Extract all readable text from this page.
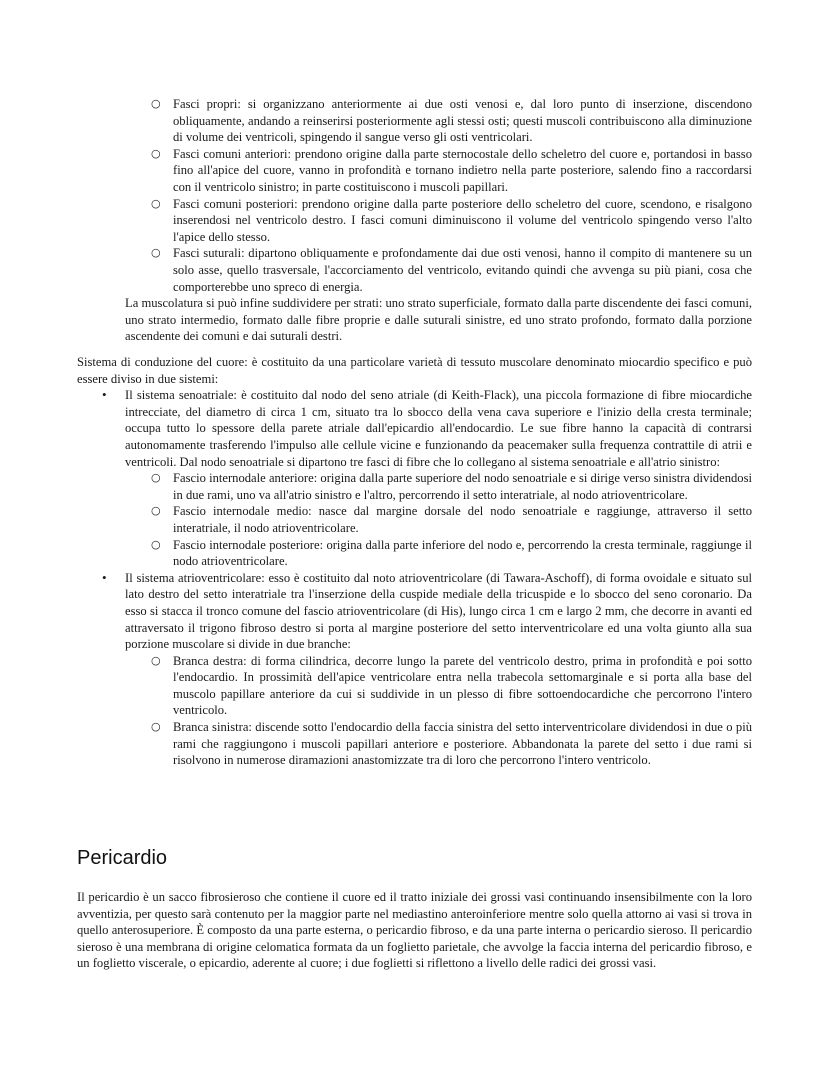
○ Fasci propri: si organizzano anteriormente ai due osti venosi e, dal loro punto di inserzione, discendono obliquamente, andando a reinserirsi posteriormente agli stessi osti; questi muscoli contribuiscono alla diminuzione di volume dei ventricoli, spingendo il sangue verso gli osti ventricolari.
○ Fasci comuni anteriori: prendono origine dalla parte sternocostale dello scheletro del cuore e, portandosi in basso fino all'apice del cuore, vanno in profondità e tornano indietro nella parte posteriore, salendo fino a raccordarsi con il ventricolo sinistro; in parte costituiscono i muscoli papillari.
○ Fasci comuni posteriori: prendono origine dalla parte posteriore dello scheletro del cuore, scendono, e risalgono inserendosi nel ventricolo destro. I fasci comuni diminuiscono il volume del ventricolo spingendo verso l'alto l'apice dello stesso.
○ Fasci suturali: dipartono obliquamente e profondamente dai due osti venosi, hanno il compito di mantenere su un solo asse, quello trasversale, l'accorciamento del ventricolo, evitando quindi che avvenga su più piani, cosa che comporterebbe uno spreco di energia.

La muscolatura si può infine suddividere per strati: uno strato superficiale, formato dalla parte discendente dei fasci comuni, uno strato intermedio, formato dalle fibre proprie e dalle suturali sinistre, ed uno strato profondo, formato dalla porzione ascendente dei comuni e dai suturali destri.

Sistema di conduzione del cuore: è costituito da una particolare varietà di tessuto muscolare denominato miocardio specifico e può essere diviso in due sistemi:

• Il sistema senoatriale: è costituito dal nodo del seno atriale (di Keith-Flack), una piccola formazione di fibre miocardiche intrecciate, del diametro di circa 1 cm, situato tra lo sbocco della vena cava superiore e l'inizio della cresta terminale; occupa tutto lo spessore della parete atriale dall'epicardio all'endocardio. Le sue fibre hanno la capacità di contrarsi autonomamente trasferendo l'impulso alle cellule vicine e funzionando da peacemaker sulla frequenza contrattile di atrii e ventricoli. Dal nodo senoatriale si dipartono tre fasci di fibre che lo collegano al sistema senoatriale e all'atrio sinistro:
○ Fascio internodale anteriore: origina dalla parte superiore del nodo senoatriale e si dirige verso sinistra dividendosi in due rami, uno va all'atrio sinistro e l'altro, percorrendo il setto interatriale, al nodo atrioventricolare.
○ Fascio internodale medio: nasce dal margine dorsale del nodo senoatriale e raggiunge, attraverso il setto interatriale, il nodo atrioventricolare.
○ Fascio internodale posteriore: origina dalla parte inferiore del nodo e, percorrendo la cresta terminale, raggiunge il nodo atrioventricolare.
• Il sistema atrioventricolare: esso è costituito dal noto atrioventricolare (di Tawara-Aschoff), di forma ovoidale e situato sul lato destro del setto interatriale tra l'inserzione della cuspide mediale della tricuspide e lo sbocco del seno coronario. Da esso si stacca il tronco comune del fascio atrioventricolare (di His), lungo circa 1 cm e largo 2 mm, che decorre in avanti ed attraversato il trigono fibroso destro si porta al margine posteriore del setto interventricolare ed una volta giunto alla sua porzione muscolare si divide in due branche:
○ Branca destra: di forma cilindrica, decorre lungo la parete del ventricolo destro, prima in profondità e poi sotto l'endocardio. In prossimità dell'apice ventricolare entra nella trabecola settomarginale e si porta alla base del muscolo papillare anteriore da cui si suddivide in un plesso di fibre sottoendocardiche che percorrono l'intero ventricolo.
○ Branca sinistra: discende sotto l'endocardio della faccia sinistra del setto interventricolare dividendosi in due o più rami che raggiungono i muscoli papillari anteriore e posteriore. Abbandonata la parete del setto i due rami si risolvono in numerose diramazioni anastomizzate tra di loro che percorrono l'intero ventricolo.
Pericardio

Il pericardio è un sacco fibrosieroso che contiene il cuore ed il tratto iniziale dei grossi vasi continuando insensibilmente con la loro avventizia, per questo sarà contenuto per la maggior parte nel mediastino anteroinferiore mentre solo quella attorno ai vasi si trova in quello anterosuperiore. È composto da una parte esterna, o pericardio fibroso, e da una parte interna o pericardio sieroso. Il pericardio sieroso è una membrana di origine celomatica formata da un foglietto parietale, che avvolge la faccia interna del pericardio fibroso, e un foglietto viscerale, o epicardio, aderente al cuore; i due foglietti si riflettono a livello delle radici dei grossi vasi.
